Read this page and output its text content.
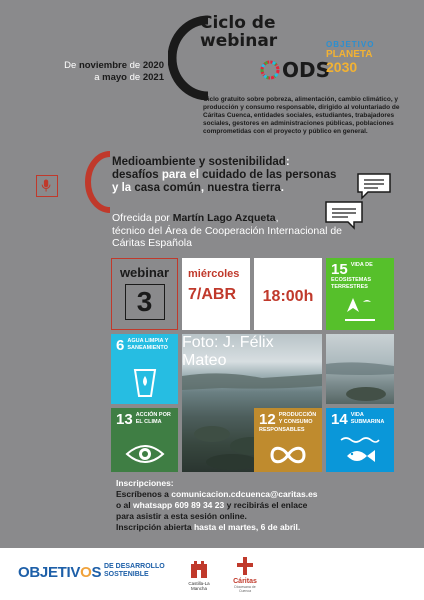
De noviembre de 2020
a mayo de 2021
Ciclo de
webinar
ODS
OBJETIVO
PLANETA
2030
Ciclo gratuito sobre pobreza, alimentación, cambio climático, y producción y consumo responsable, dirigido al voluntariado de Cáritas Cuenca, entidades sociales, estudiantes, trabajadores sociales, gestores en administraciones públicas, poblaciones comprometidas con el proyecto y público en general.
Medioambiente y sostenibilidad:
desafíos para el cuidado de las personas
y la casa común, nuestra tierra.
Ofrecida por Martín Lago Azqueta,
técnico del Área de Cooperación Internacional de Cáritas Española
webinar
3
miércoles
7/ABR	18:00h
15 VIDA DE ECOSISTEMAS TERRESTRES
Foto: J. Félix Mateo
6 AGUA LIMPIA Y SANEAMIENTO
13 ACCIÓN POR EL CLIMA	12 PRODUCCIÓN Y CONSUMO RESPONSABLES
14 VIDA SUBMARINA
Inscripciones:
Escríbenos a comunicacion.cdcuenca@caritas.es
o al whatsapp 609 89 34 23 y recibirás el enlace
para asistir a esta sesión online.
Inscripción abierta hasta el martes, 6 de abril.
OBJETIVOS DE DESARROLLO
SOSTENIBLE
Castilla-La Mancha
Cáritas
Diocesana de Cuenca
